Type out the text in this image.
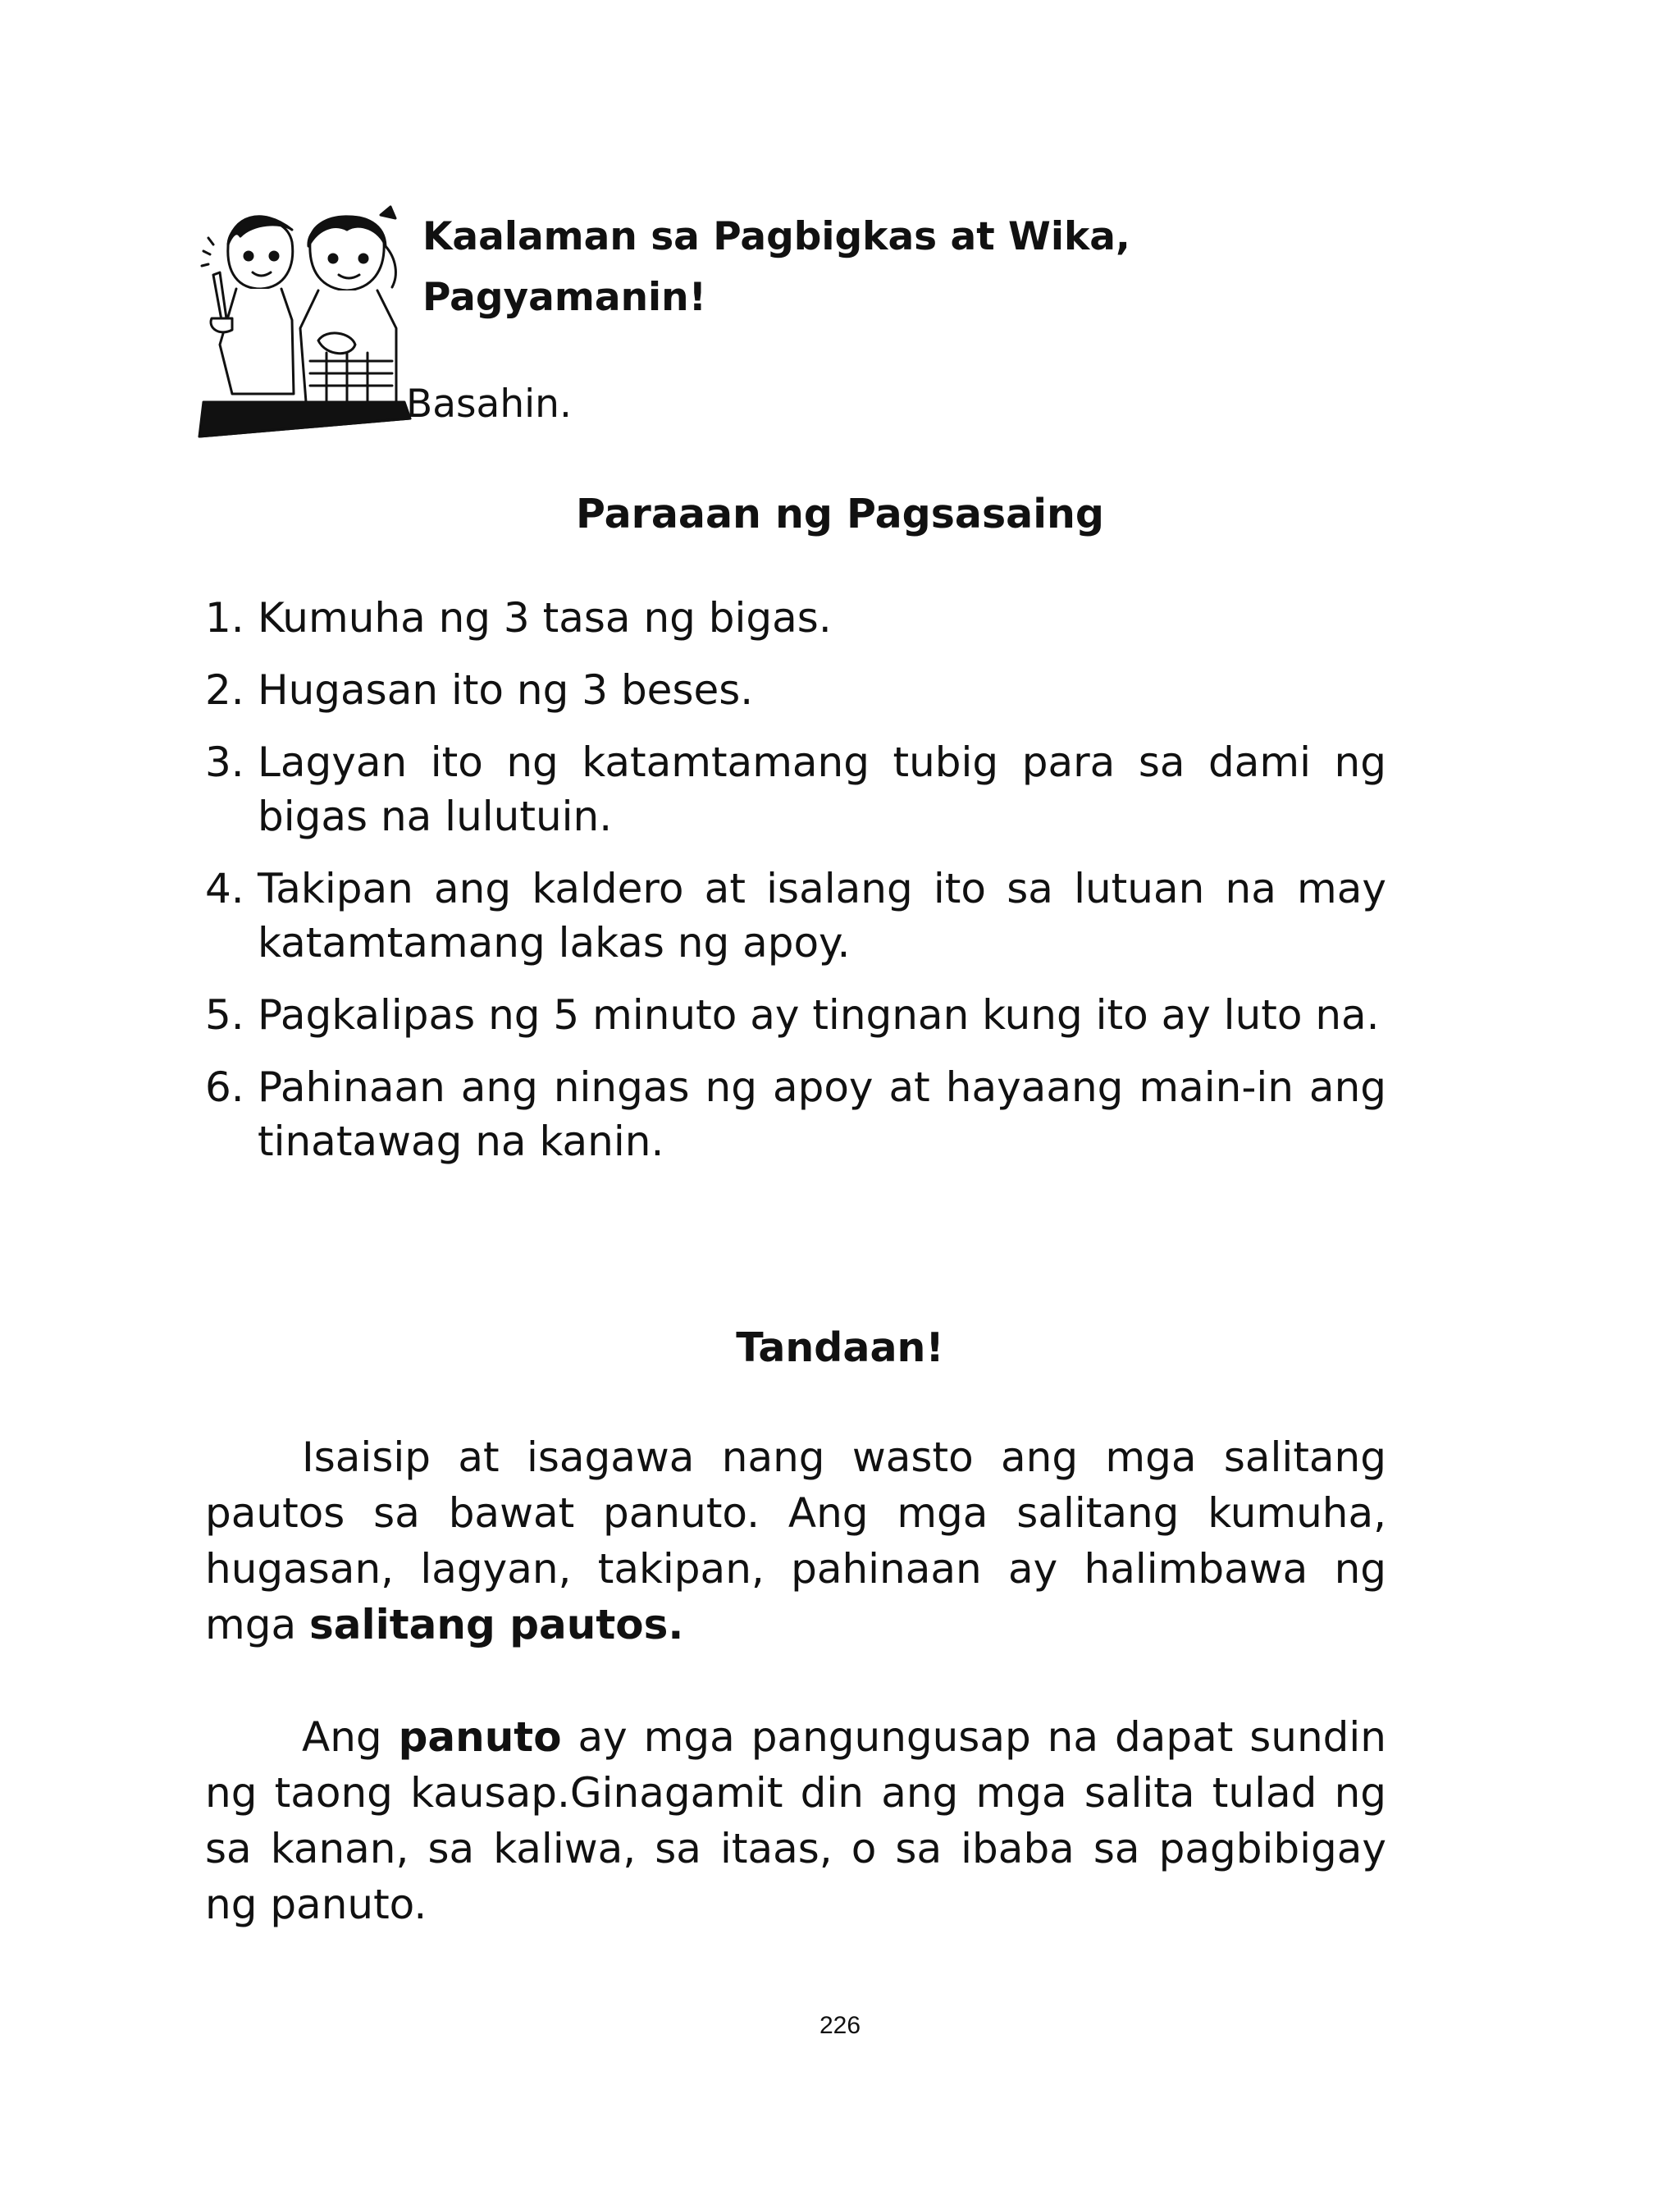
Kaalaman sa Pagbigkas at Wika,
Pagyamanin!
Basahin.
Paraaan ng Pagsasaing
1. Kumuha ng 3 tasa ng bigas.
2. Hugasan ito ng 3 beses.
3. Lagyan ito ng katamtamang tubig para sa dami ng bigas na lulutuin.
4. Takipan ang kaldero at isalang ito sa lutuan na may katamtamang lakas ng apoy.
5. Pagkalipas ng 5 minuto ay tingnan kung ito ay luto na.
6. Pahinaan ang ningas ng apoy at hayaang main-in ang tinatawag na kanin.
Tandaan!

Isaisip at isagawa nang wasto ang mga salitang pautos sa bawat panuto. Ang mga salitang kumuha, hugasan, lagyan, takipan, pahinaan ay halimbawa ng mga salitang pautos.

Ang panuto ay mga pangungusap na dapat sundin ng taong kausap.Ginagamit din ang mga salita tulad ng sa kanan, sa kaliwa, sa itaas, o sa ibaba sa pagbibigay ng panuto.

226
